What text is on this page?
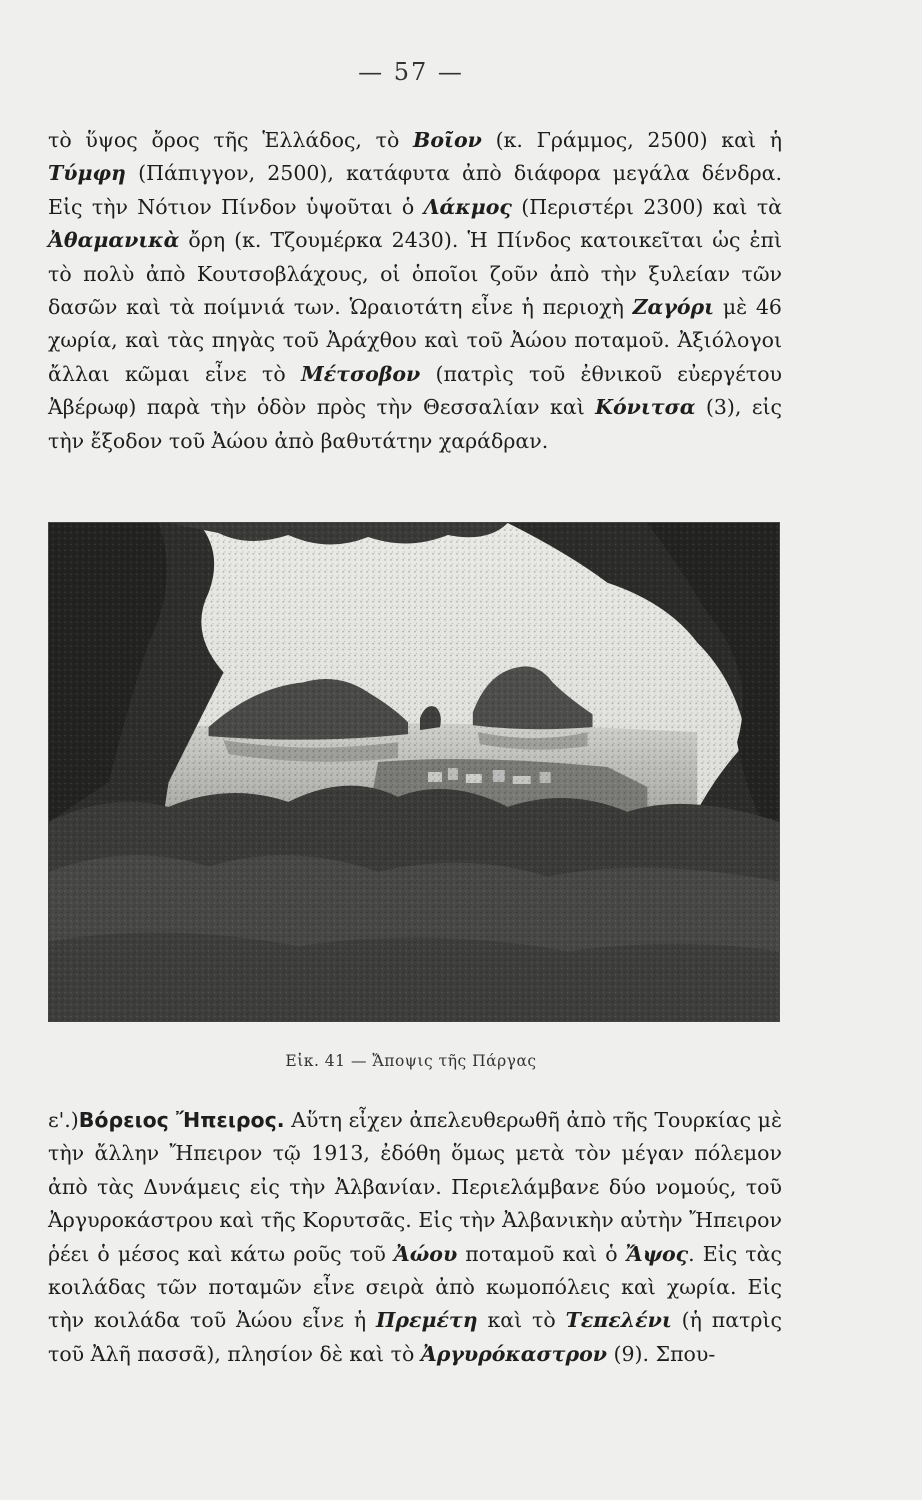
— 57 —

τὸ ὕψος ὄρος τῆς Ἑλλάδος, τὸ Βοῖον (κ. Γράμμος, 2500) καὶ ἡ Τύμφη (Πάπιγγον, 2500), κατάφυτα ἀπὸ διάφορα μεγάλα δένδρα. Εἰς τὴν Νότιον Πίνδον ὑψοῦται ὁ Λάκμος (Περιστέρι 2300) καὶ τὰ Ἀθαμανικὰ ὄρη (κ. Τζουμέρκα 2430). Ἡ Πίνδος κατοικεῖται ὡς ἐπὶ τὸ πολὺ ἀπὸ Κουτσοβλάχους, οἱ ὁποῖοι ζοῦν ἀπὸ τὴν ξυλείαν τῶν δασῶν καὶ τὰ ποίμνιά των. Ὡραιοτάτη εἶνε ἡ περιοχὴ Ζαγόρι μὲ 46 χωρία, καὶ τὰς πηγὰς τοῦ Ἀράχθου καὶ τοῦ Ἀώου ποταμοῦ. Ἀξιόλογοι ἄλλαι κῶμαι εἶνε τὸ Μέτσοβον (πατρὶς τοῦ ἐθνικοῦ εὐεργέτου Ἀβέρωφ) παρὰ τὴν ὁδὸν πρὸς τὴν Θεσσαλίαν καὶ Κόνιτσα (3), εἰς τὴν ἔξοδον τοῦ Ἀώου ἀπὸ βαθυτάτην χαράδραν.

Εἰκ. 41 — Ἄποψις τῆς Πάργας

ε'.)Βόρειος Ἤπειρος. Αὕτη εἶχεν ἀπελευθερωθῆ ἀπὸ τῆς Τουρκίας μὲ τὴν ἄλλην Ἤπειρον τῷ 1913, ἐδόθη ὅμως μετὰ τὸν μέγαν πόλεμον ἀπὸ τὰς Δυνάμεις εἰς τὴν Ἀλβανίαν. Περιελάμβανε δύο νομούς, τοῦ Ἀργυροκάστρου καὶ τῆς Κορυτσᾶς. Εἰς τὴν Ἀλβανικὴν αὐτὴν Ἤπειρον ῥέει ὁ μέσος καὶ κάτω ροῦς τοῦ Ἀώου ποταμοῦ καὶ ὁ Ἄψος. Εἰς τὰς κοιλάδας τῶν ποταμῶν εἶνε σειρὰ ἀπὸ κωμοπόλεις καὶ χωρία. Εἰς τὴν κοιλάδα τοῦ Ἀώου εἶνε ἡ Πρεμέτη καὶ τὸ Τεπελένι (ἡ πατρὶς τοῦ Ἀλῆ πασσᾶ), πλησίον δὲ καὶ τὸ Ἀργυρόκαστρον (9). Σπου-
